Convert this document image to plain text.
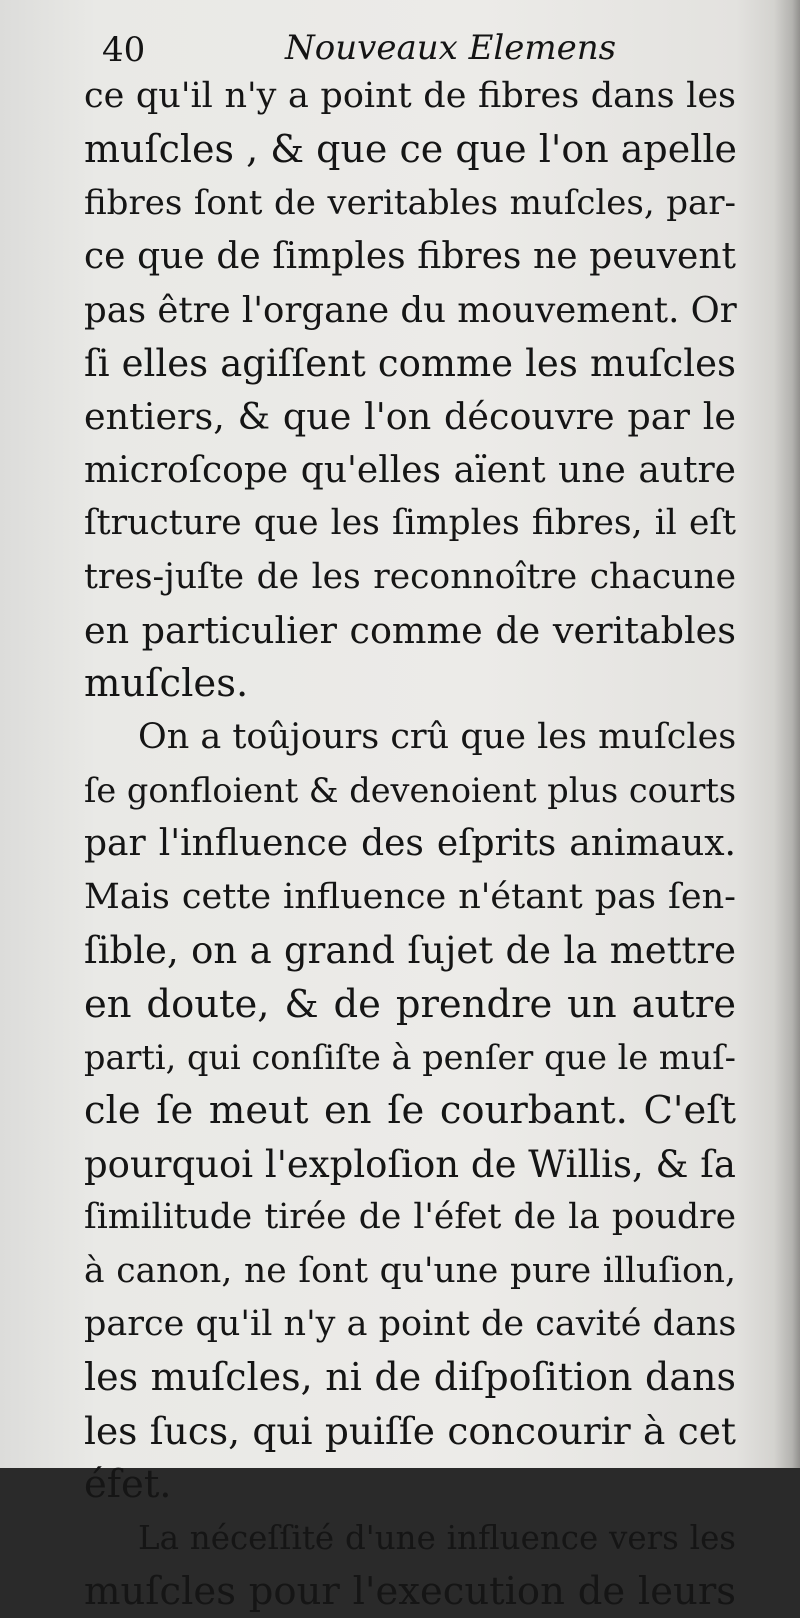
40	Nouveaux Elemens
ce qu'il n'y a point de fibres dans les
muſcles , & que ce que l'on apelle
fibres ſont de veritables muſcles, par-
ce que de ſimples fibres ne peuvent
pas être l'organe du mouvement. Or
ſi elles agiſſent comme les muſcles
entiers, & que l'on découvre par le
microſcope qu'elles aïent une autre
ſtructure que les ſimples fibres, il eſt
tres-juſte de les reconnoître chacune
en particulier comme de veritables
muſcles.
On a toûjours crû que les muſcles
ſe gonfloient & devenoient plus courts
par l'influence des eſprits animaux.
Mais cette influence n'étant pas ſen-
ſible, on a grand ſujet de la mettre
en doute, & de prendre un autre
parti, qui conſiſte à penſer que le muſ-
cle ſe meut en ſe courbant. C'eſt
pourquoi l'exploſion de Willis, & ſa
ſimilitude tirée de l'éfet de la poudre
à canon, ne ſont qu'une pure illuſion,
parce qu'il n'y a point de cavité dans
les muſcles, ni de diſpoſition dans
les ſucs, qui puiſſe concourir à cet
éfet.
La néceſſité d'une influence vers les
muſcles pour l'execution de leurs
